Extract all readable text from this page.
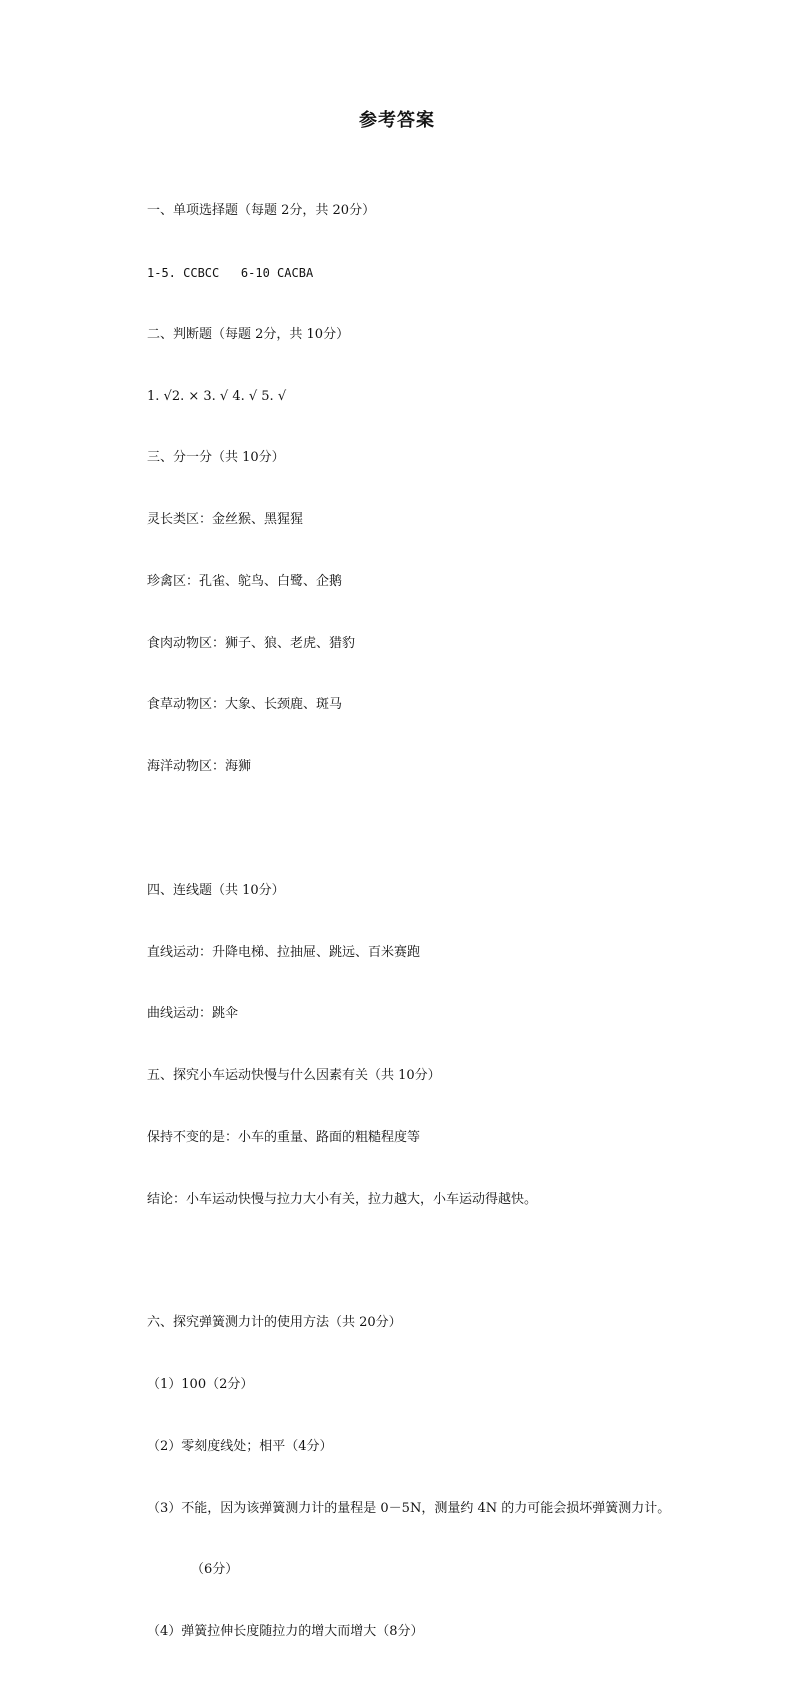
参考答案

一、单项选择题（每题 2分，共 20分）

1-5. CCBCC   6-10 CACBA

二、判断题（每题 2分，共 10分）

1. √2. × 3. √ 4. √ 5. √

三、分一分（共 10分）

灵长类区：金丝猴、黑猩猩

珍禽区：孔雀、鸵鸟、白鹭、企鹅

食肉动物区：狮子、狼、老虎、猎豹

食草动物区：大象、长颈鹿、斑马

海洋动物区：海狮

四、连线题（共 10分）

直线运动：升降电梯、拉抽屉、跳远、百米赛跑

曲线运动：跳伞

五、探究小车运动快慢与什么因素有关（共 10分）

保持不变的是：小车的重量、路面的粗糙程度等

结论：小车运动快慢与拉力大小有关，拉力越大，小车运动得越快。

六、探究弹簧测力计的使用方法（共 20分）

（1）100（2分）

（2）零刻度线处；相平（4分）

（3）不能，因为该弹簧测力计的量程是 0－5N，测量约 4N 的力可能会损坏弹簧测力计。

（6分）

（4）弹簧拉伸长度随拉力的增大而增大（8分）
